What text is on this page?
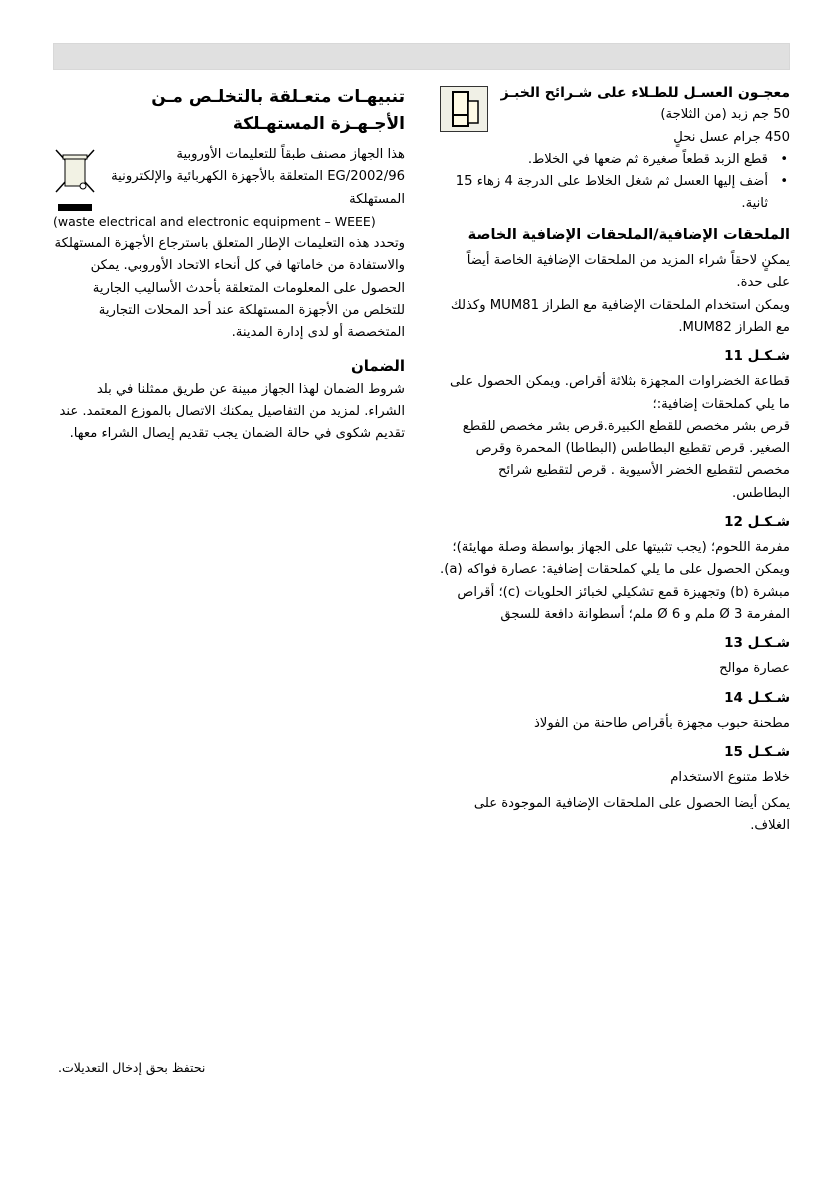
معجـون العسـل للطـلاء على شـرائح الخبـز

50 جم زبد (من الثلاجة)

450 جرام عسل نحلٍ

• قطع الزبد قطعاً صغيرة ثم ضعها في الخلاط.
• أضف إليها العسل ثم شغل الخلاط على الدرجة 4 زهاء 15 ثانية.

الملحقات الإضافية/الملحقات الإضافية الخاصة

يمكنٍ لاحقاً شراء المزيد من الملحقات الإضافية الخاصة أيضاً على حدة.

ويمكن استخدام الملحقات الإضافية مع الطراز MUM81 وكذلك مع الطراز MUM82.

شـكـل 11

قطاعة الخضراوات المجهزة بثلاثة أقراص. ويمكن الحصول على ما يلي كملحقات إضافية:؛

قرص بشر مخصص للقطع الكبيرة.قرص بشر مخصص للقطع الصغير. قرص تقطيع البطاطس (البطاطا) المحمرة وقرص مخصص لتقطيع الخضر الأسيوية . قرص لتقطيع شرائح البطاطس.

شـكـل 12

مفرمة اللحوم؛ (يجب تثبيتها على الجهاز بواسطة وصلة مهايئة)؛ ويمكن الحصول على ما يلي كملحقات إضافية: عصارة فواكه (a). مبشرة (b) وتجهيزة قمع تشكيلي لخبائز الحلويات (c)؛ أقراص المفرمة 3 Ø ملم و 6 Ø ملم؛ أسطوانة دافعة للسجق

شـكـل 13

عصارة موالح

شـكـل 14

مطحنة حبوب مجهزة بأقراص طاحنة من الفولاذ

شـكـل 15

خلاط متنوع الاستخدام

يمكن أيضا الحصول على الملحقات الإضافية الموجودة على الغلاف.

تنبيهـات متعـلقة بالتخلـص مـن الأجـهـزة المستهـلكة

هذا الجهاز مصنف طبقاً للتعليمات الأوروبية 2002/96/EG المتعلقة بالأجهزة الكهربائية والإلكترونية المستهلكة

(waste electrical and electronic equipment – WEEE)

وتحدد هذه التعليمات الإطار المتعلق باسترجاع الأجهزة المستهلكة والاستفادة من خاماتها في كل أنحاء الاتحاد الأوروبي. يمكن الحصول على المعلومات المتعلقة بأحدث الأساليب الجارية للتخلص من الأجهزة المستهلكة عند أحد المحلات التجارية المتخصصة أو لدى إدارة المدينة.

الضمان

شروط الضمان لهذا الجهاز مبينة عن طريق ممثلنا في بلد الشراء. لمزيد من التفاصيل يمكنك الاتصال بالموزع المعتمد. عند تقديم شكوى في حالة الضمان يجب تقديم إيصال الشراء معها.

نحتفظ بحق إدخال التعديلات.
